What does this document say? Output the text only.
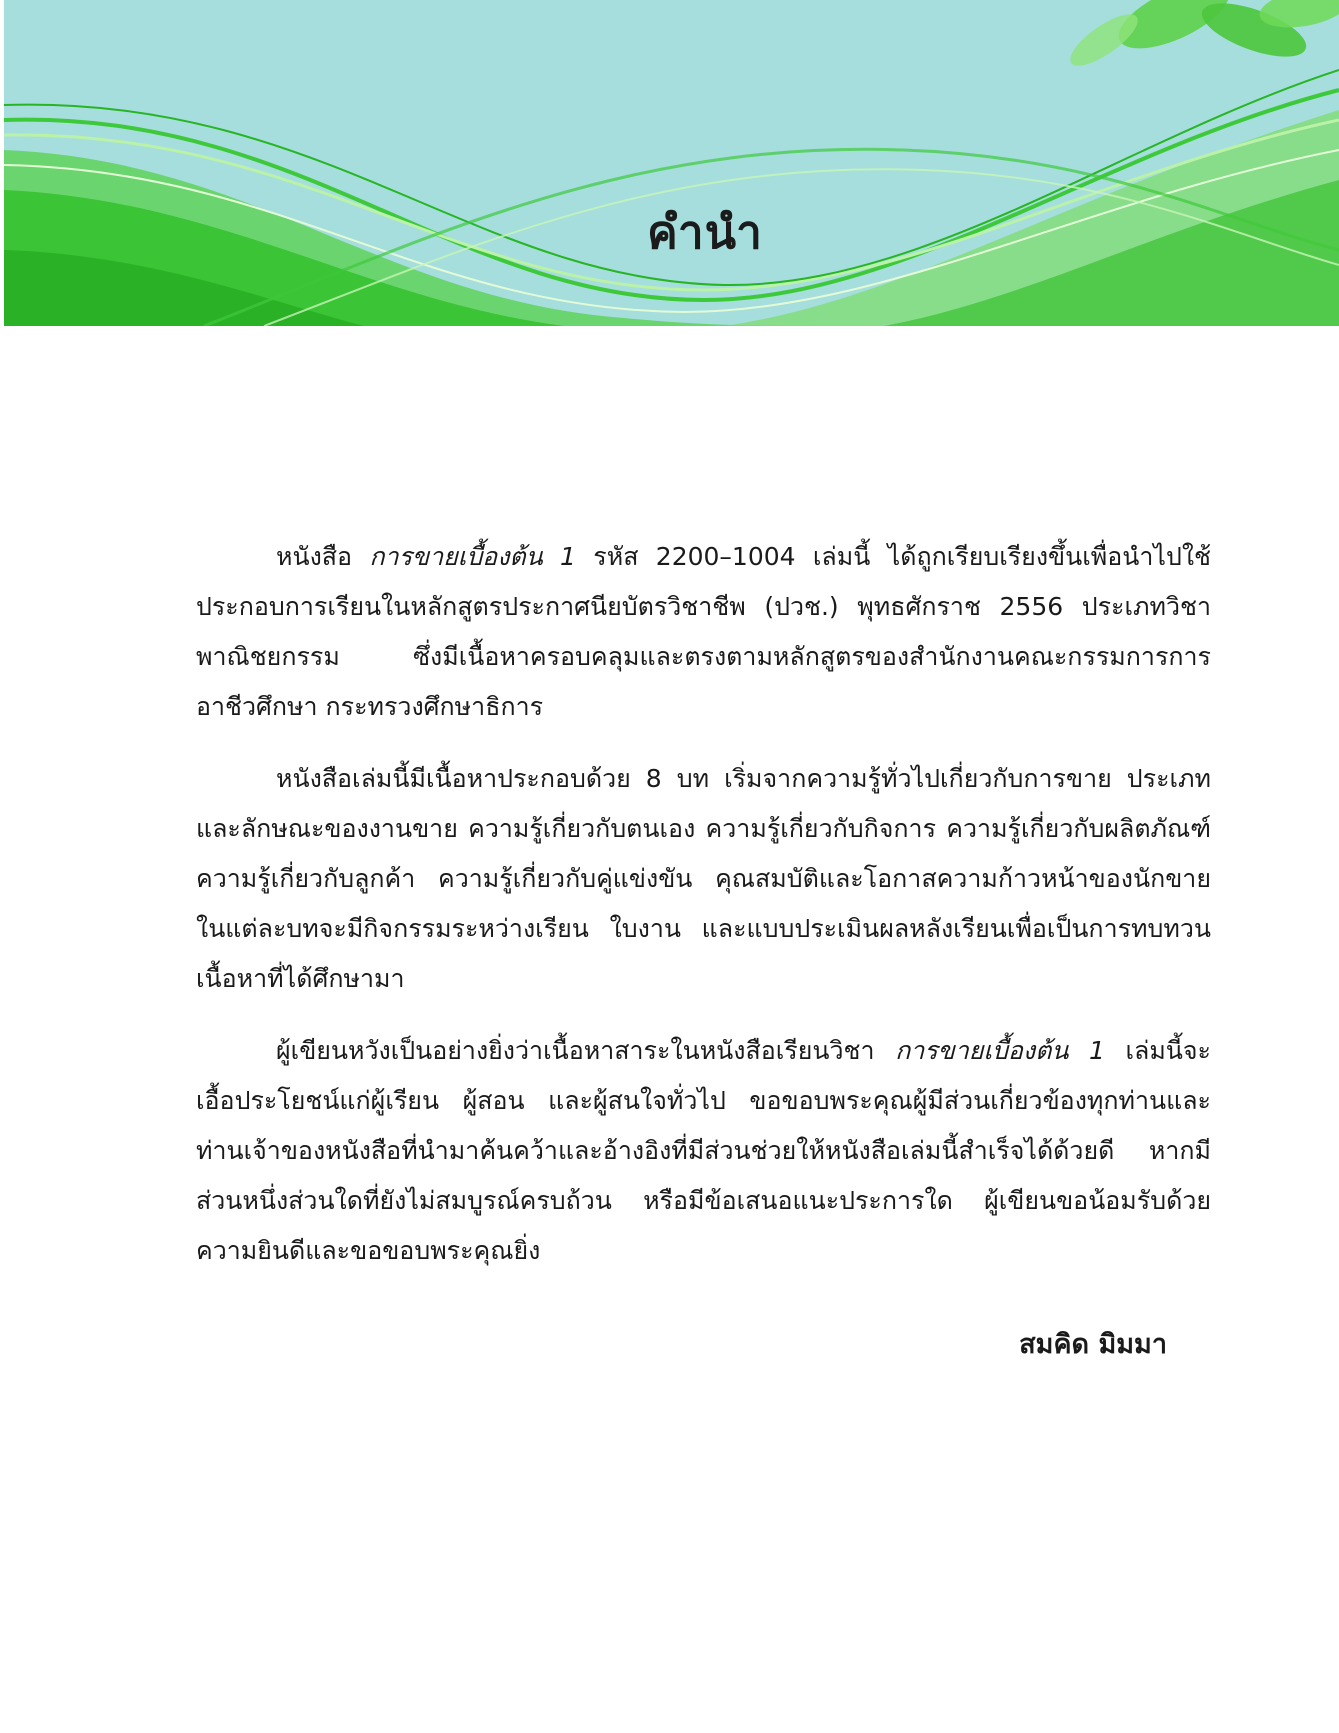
คำนำ

หนังสือ การขายเบื้องต้น 1 รหัส 2200–1004 เล่มนี้ ได้ถูกเรียบเรียงขึ้นเพื่อนำไปใช้ประกอบการเรียนในหลักสูตรประกาศนียบัตรวิชาชีพ (ปวช.) พุทธศักราช 2556 ประเภทวิชาพาณิชยกรรม ซึ่งมีเนื้อหาครอบคลุมและตรงตามหลักสูตรของสำนักงานคณะกรรมการการอาชีวศึกษา กระทรวงศึกษาธิการ

หนังสือเล่มนี้มีเนื้อหาประกอบด้วย 8 บท เริ่มจากความรู้ทั่วไปเกี่ยวกับการขาย ประเภทและลักษณะของงานขาย ความรู้เกี่ยวกับตนเอง ความรู้เกี่ยวกับกิจการ ความรู้เกี่ยวกับผลิตภัณฑ์ ความรู้เกี่ยวกับลูกค้า ความรู้เกี่ยวกับคู่แข่งขัน คุณสมบัติและโอกาสความก้าวหน้าของนักขาย ในแต่ละบทจะมีกิจกรรมระหว่างเรียน ใบงาน และแบบประเมินผลหลังเรียนเพื่อเป็นการทบทวนเนื้อหาที่ได้ศึกษามา

ผู้เขียนหวังเป็นอย่างยิ่งว่าเนื้อหาสาระในหนังสือเรียนวิชา การขายเบื้องต้น 1 เล่มนี้จะเอื้อประโยชน์แก่ผู้เรียน ผู้สอน และผู้สนใจทั่วไป ขอขอบพระคุณผู้มีส่วนเกี่ยวข้องทุกท่านและท่านเจ้าของหนังสือที่นำมาค้นคว้าและอ้างอิงที่มีส่วนช่วยให้หนังสือเล่มนี้สำเร็จได้ด้วยดี หากมีส่วนหนึ่งส่วนใดที่ยังไม่สมบูรณ์ครบถ้วน หรือมีข้อเสนอแนะประการใด ผู้เขียนขอน้อมรับด้วยความยินดีและขอขอบพระคุณยิ่ง

สมคิด มิมมา
